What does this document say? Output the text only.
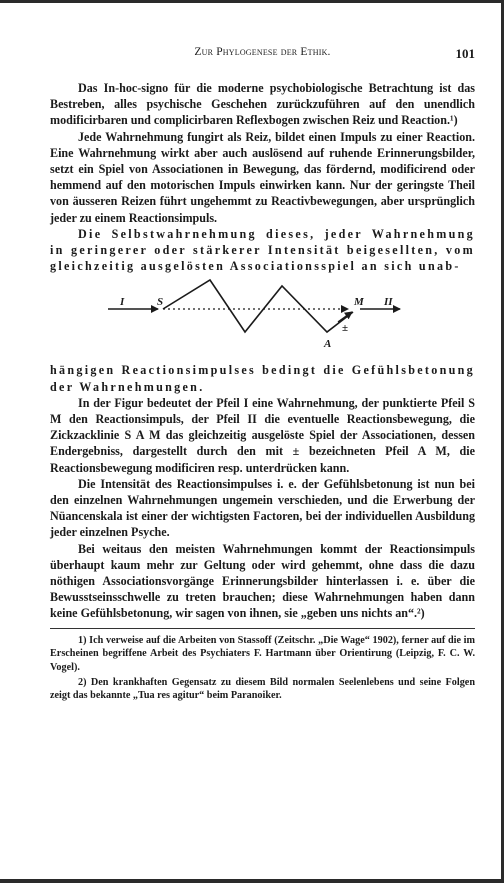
Zur Phylogenese der Ethik.	101

Das In-hoc-signo für die moderne psychobiologische Betrachtung ist das Bestreben, alles psychische Geschehen zurückzuführen auf den unendlich modificirbaren und complicirbaren Reflexbogen zwischen Reiz und Reaction.¹)

Jede Wahrnehmung fungirt als Reiz, bildet einen Impuls zu einer Reaction. Eine Wahrnehmung wirkt aber auch auslösend auf ruhende Erinnerungsbilder, setzt ein Spiel von Associationen in Bewegung, das fördernd, modificirend oder hemmend auf den motorischen Impuls einwirken kann. Nur der geringste Theil von äusseren Reizen führt ungehemmt zu Reactivbewegungen, aber ursprünglich jeder zu einem Reactionsimpuls.

Die Selbstwahrnehmung dieses, jeder Wahrnehmung in geringerer oder stärkerer Intensität beigesellten, vom gleichzeitig ausgelösten Associationsspiel an sich unab-

I	S	M II
A
±

hängigen Reactionsimpulses bedingt die Gefühlsbetonung der Wahrnehmungen.

In der Figur bedeutet der Pfeil I eine Wahrnehmung, der punktierte Pfeil S M den Reactionsimpuls, der Pfeil II die eventuelle Reactionsbewegung, die Zickzacklinie S A M das gleichzeitig ausgelöste Spiel der Associationen, dessen Endergebniss, dargestellt durch den mit ± bezeichneten Pfeil A M, die Reactionsbewegung modificiren resp. unterdrücken kann.

Die Intensität des Reactionsimpulses i. e. der Gefühlsbetonung ist nun bei den einzelnen Wahrnehmungen ungemein verschieden, und die Erwerbung der Nüancenskala ist einer der wichtigsten Factoren, bei der individuellen Ausbildung jeder einzelnen Psyche.

Bei weitaus den meisten Wahrnehmungen kommt der Reactionsimpuls überhaupt kaum mehr zur Geltung oder wird gehemmt, ohne dass die dazu nöthigen Associationsvorgänge Erinnerungsbilder hinterlassen i. e. über die Bewusstseinsschwelle zu treten brauchen; diese Wahrnehmungen haben dann keine Gefühlsbetonung, wir sagen von ihnen, sie „geben uns nichts an“.²)

1) Ich verweise auf die Arbeiten von Stassoff (Zeitschr. „Die Wage“ 1902), ferner auf die im Erscheinen begriffene Arbeit des Psychiaters F. Hartmann über Orientirung (Leipzig, F. C. W. Vogel).

2) Den krankhaften Gegensatz zu diesem Bild normalen Seelenlebens und seine Folgen zeigt das bekannte „Tua res agitur“ beim Paranoiker.
